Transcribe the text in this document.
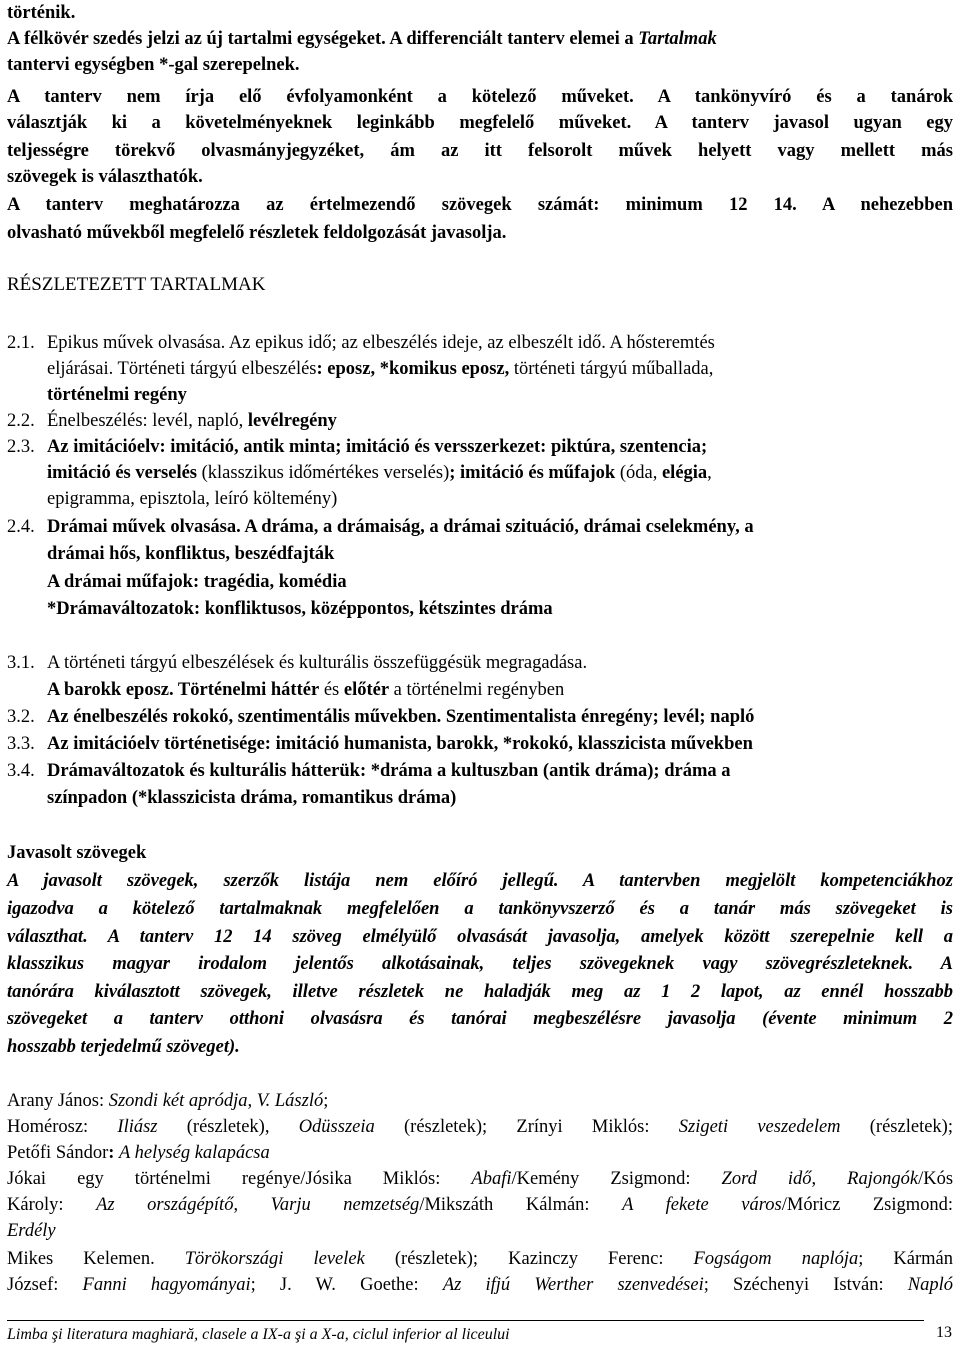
történik.
A félkövér szedés jelzi az új tartalmi egységeket. A differenciált tanterv elemei a Tartalmak
tantervi egységben *-gal szerepelnek.
A tanterv nem írja elő évfolyamonként a kötelező műveket. A tankönyvíró és a tanárok
választják ki a követelményeknek leginkább megfelelő műveket. A tanterv javasol ugyan egy
teljességre törekvő olvasmányjegyzéket, ám az itt felsorolt művek helyett vagy mellett más
szövegek is választhatók.
A tanterv meghatározza az értelmezendő szövegek számát: minimum 12 14. A nehezebben
olvasható művekből megfelelő részletek feldolgozását javasolja.
RÉSZLETEZETT TARTALMAK
2.1. Epikus művek olvasása. Az epikus idő; az elbeszélés ideje, az elbeszélt idő. A hősteremtés
eljárásai. Történeti tárgyú elbeszélés: eposz, *komikus eposz, történeti tárgyú műballada,
történelmi regény
2.2. Énelbeszélés: levél, napló, levélregény
2.3. Az imitációelv: imitáció, antik minta; imitáció és versszerkezet: piktúra, szentencia;
imitáció és verselés (klasszikus időmértékes verselés); imitáció és műfajok (óda, elégia,
epigramma, episztola, leíró költemény)
2.4. Drámai művek olvasása. A dráma, a drámaiság, a drámai szituáció, drámai cselekmény, a
drámai hős, konfliktus, beszédfajták
A drámai műfajok: tragédia, komédia
*Drámaváltozatok: konfliktusos, középpontos, kétszintes dráma
3.1. A történeti tárgyú elbeszélések és kulturális összefüggésük megragadása.
A barokk eposz. Történelmi háttér és előtér a történelmi regényben
3.2. Az énelbeszélés rokokó, szentimentális művekben. Szentimentalista énregény; levél; napló
3.3. Az imitációelv történetisége: imitáció humanista, barokk, *rokokó, klasszicista művekben
3.4. Drámaváltozatok és kulturális hátterük: *dráma a kultuszban (antik dráma); dráma a
színpadon (*klasszicista dráma, romantikus dráma)
Javasolt szövegek
A javasolt szövegek, szerzők listája nem előíró jellegű. A tantervben megjelölt kompetenciákhoz
igazodva a kötelező tartalmaknak megfelelően a tankönyvszerző és a tanár más szövegeket is
választhat. A tanterv 12 14 szöveg elmélyülő olvasását javasolja, amelyek között szerepelnie kell a
klasszikus magyar irodalom jelentős alkotásainak, teljes szövegeknek vagy szövegrészleteknek. A
tanórára kiválasztott szövegek, illetve részletek ne haladják meg az 1 2 lapot, az ennél hosszabb
szövegeket a tanterv otthoni olvasásra és tanórai megbeszélésre javasolja (évente minimum 2
hosszabb terjedelmű szöveget).
Arany János: Szondi két apródja, V. László;
Homérosz: Iliász (részletek), Odüsszeia (részletek); Zrínyi Miklós: Szigeti veszedelem (részletek);
Petőfi Sándor: A helység kalapácsa
Jókai egy történelmi regénye/Jósika Miklós: Abafi/Kemény Zsigmond: Zord idő, Rajongók/Kós
Károly: Az országépítő, Varju nemzetség/Mikszáth Kálmán: A fekete város/Móricz Zsigmond:
Erdély
Mikes Kelemen. Törökországi levelek (részletek); Kazinczy Ferenc: Fogságom naplója; Kármán
József: Fanni hagyományai; J. W. Goethe: Az ifjú Werther szenvedései; Széchenyi István: Napló
Limba şi literatura maghiară, clasele a IX-a şi a X-a, ciclul inferior al liceului	13
